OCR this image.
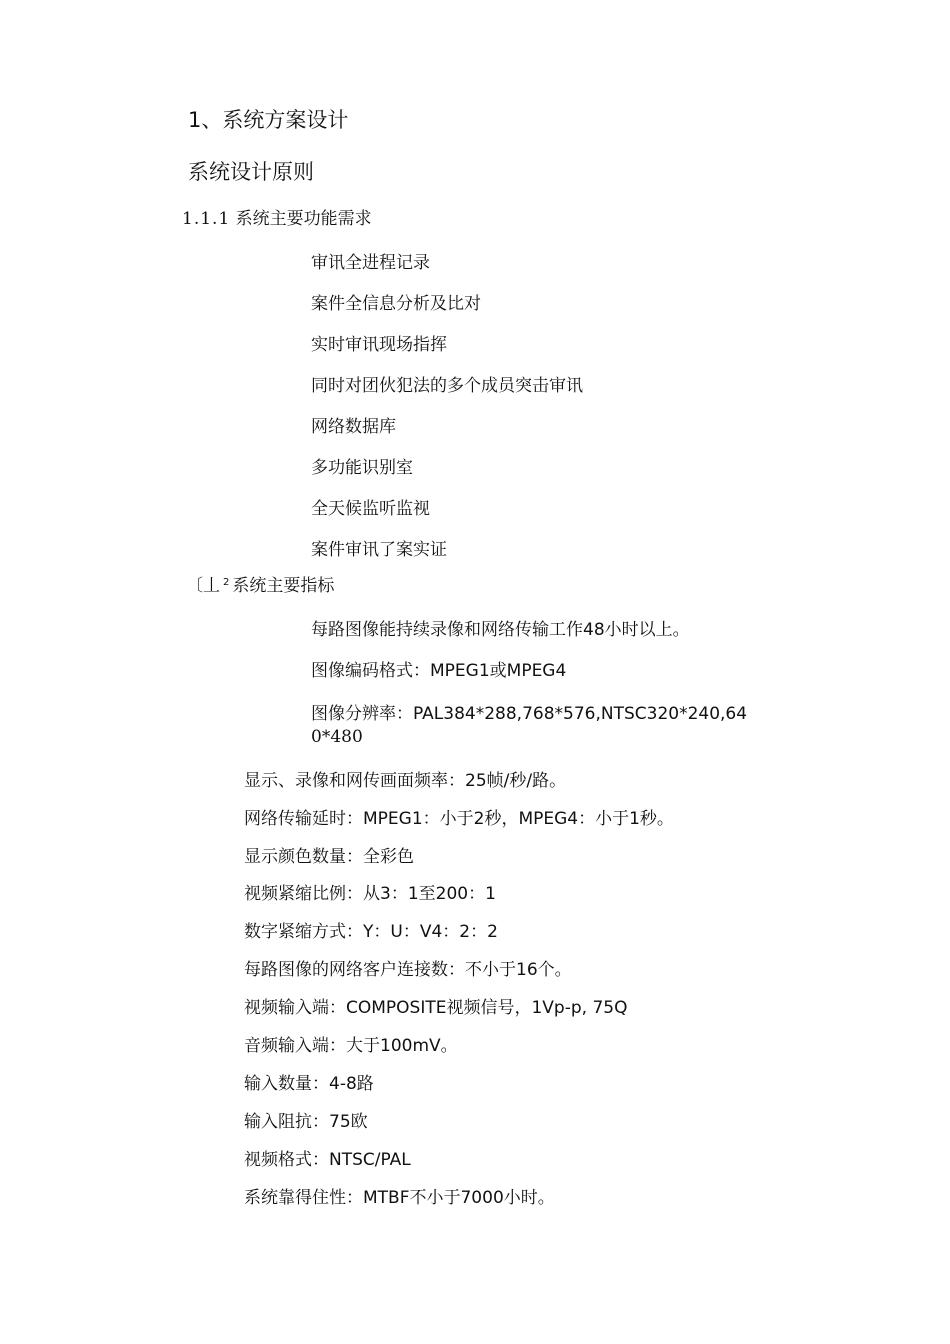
1、系统方案设计
系统设计原则
1.1.1 系统主要功能需求
审讯全进程记录
案件全信息分析及比对
实时审讯现场指挥
同时对团伙犯法的多个成员突击审讯
网络数据库
多功能识别室
全天候监听监视
案件审讯了案实证
〔丄 $^2$ 系统主要指标
每路图像能持续录像和网络传输工作48小时以上。
图像编码格式：MPEG1或MPEG4
图像分辨率：PAL384*288,768*576,NTSC320*240,64
0*480
显示、录像和网传画面频率：25帧/秒/路。
网络传输延时：MPEG1：小于2秒，MPEG4：小于1秒。
显示颜色数量：全彩色
视频紧缩比例：从3：1至200：1
数字紧缩方式：Y：U：V4：2：2
每路图像的网络客户连接数：不小于16个。
视频输入端：COMPOSITE视频信号，1Vp-p, 75Q
音频输入端：大于100mV。
输入数量：4-8路
输入阻抗：75欧
视频格式：NTSC/PAL
系统靠得住性：MTBF不小于7000小时。
